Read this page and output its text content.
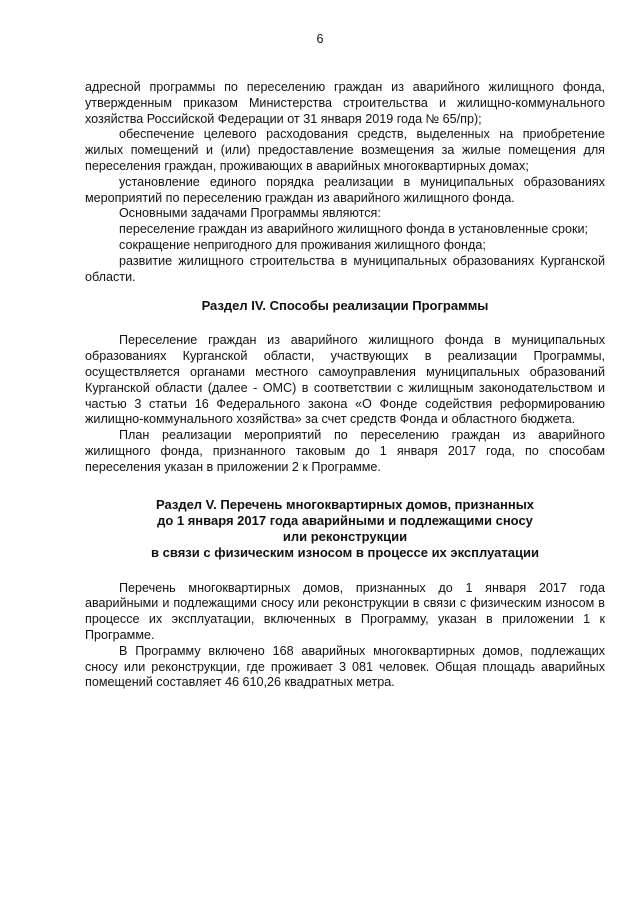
6

адресной программы по переселению граждан из аварийного жилищного фонда, утвержденным приказом Министерства строительства и жилищно-коммунального хозяйства Российской Федерации от 31 января 2019 года № 65/пр);

обеспечение целевого расходования средств, выделенных на приобретение жилых помещений и (или) предоставление возмещения за жилые помещения для переселения граждан, проживающих в аварийных многоквартирных домах;

установление единого порядка реализации в муниципальных образованиях мероприятий по переселению граждан из аварийного жилищного фонда.

Основными задачами Программы являются:

переселение граждан из аварийного жилищного фонда в установленные сроки;

сокращение непригодного для проживания жилищного фонда;

развитие жилищного строительства в муниципальных образованиях Курганской области.

Раздел IV. Способы реализации Программы

Переселение граждан из аварийного жилищного фонда в муниципальных образованиях Курганской области, участвующих в реализации Программы, осуществляется органами местного самоуправления муниципальных образований Курганской области (далее - ОМС) в соответствии с жилищным законодательством и частью 3 статьи 16 Федерального закона «О Фонде содействия реформированию жилищно-коммунального хозяйства» за счет средств Фонда и областного бюджета.

План реализации мероприятий по переселению граждан из аварийного жилищного фонда, признанного таковым до 1 января 2017 года, по способам переселения указан в приложении 2 к Программе.

Раздел V. Перечень многоквартирных домов, признанных
до 1 января 2017 года аварийными и подлежащими сносу
или реконструкции
в связи с физическим износом в процессе их эксплуатации

Перечень многоквартирных домов, признанных до 1 января 2017 года аварийными и подлежащими сносу или реконструкции в связи с физическим износом в процессе их эксплуатации, включенных в Программу, указан в приложении 1 к Программе.

В Программу включено 168 аварийных многоквартирных домов, подлежащих сносу или реконструкции, где проживает 3 081 человек. Общая площадь аварийных помещений составляет 46 610,26 квадратных метра.
